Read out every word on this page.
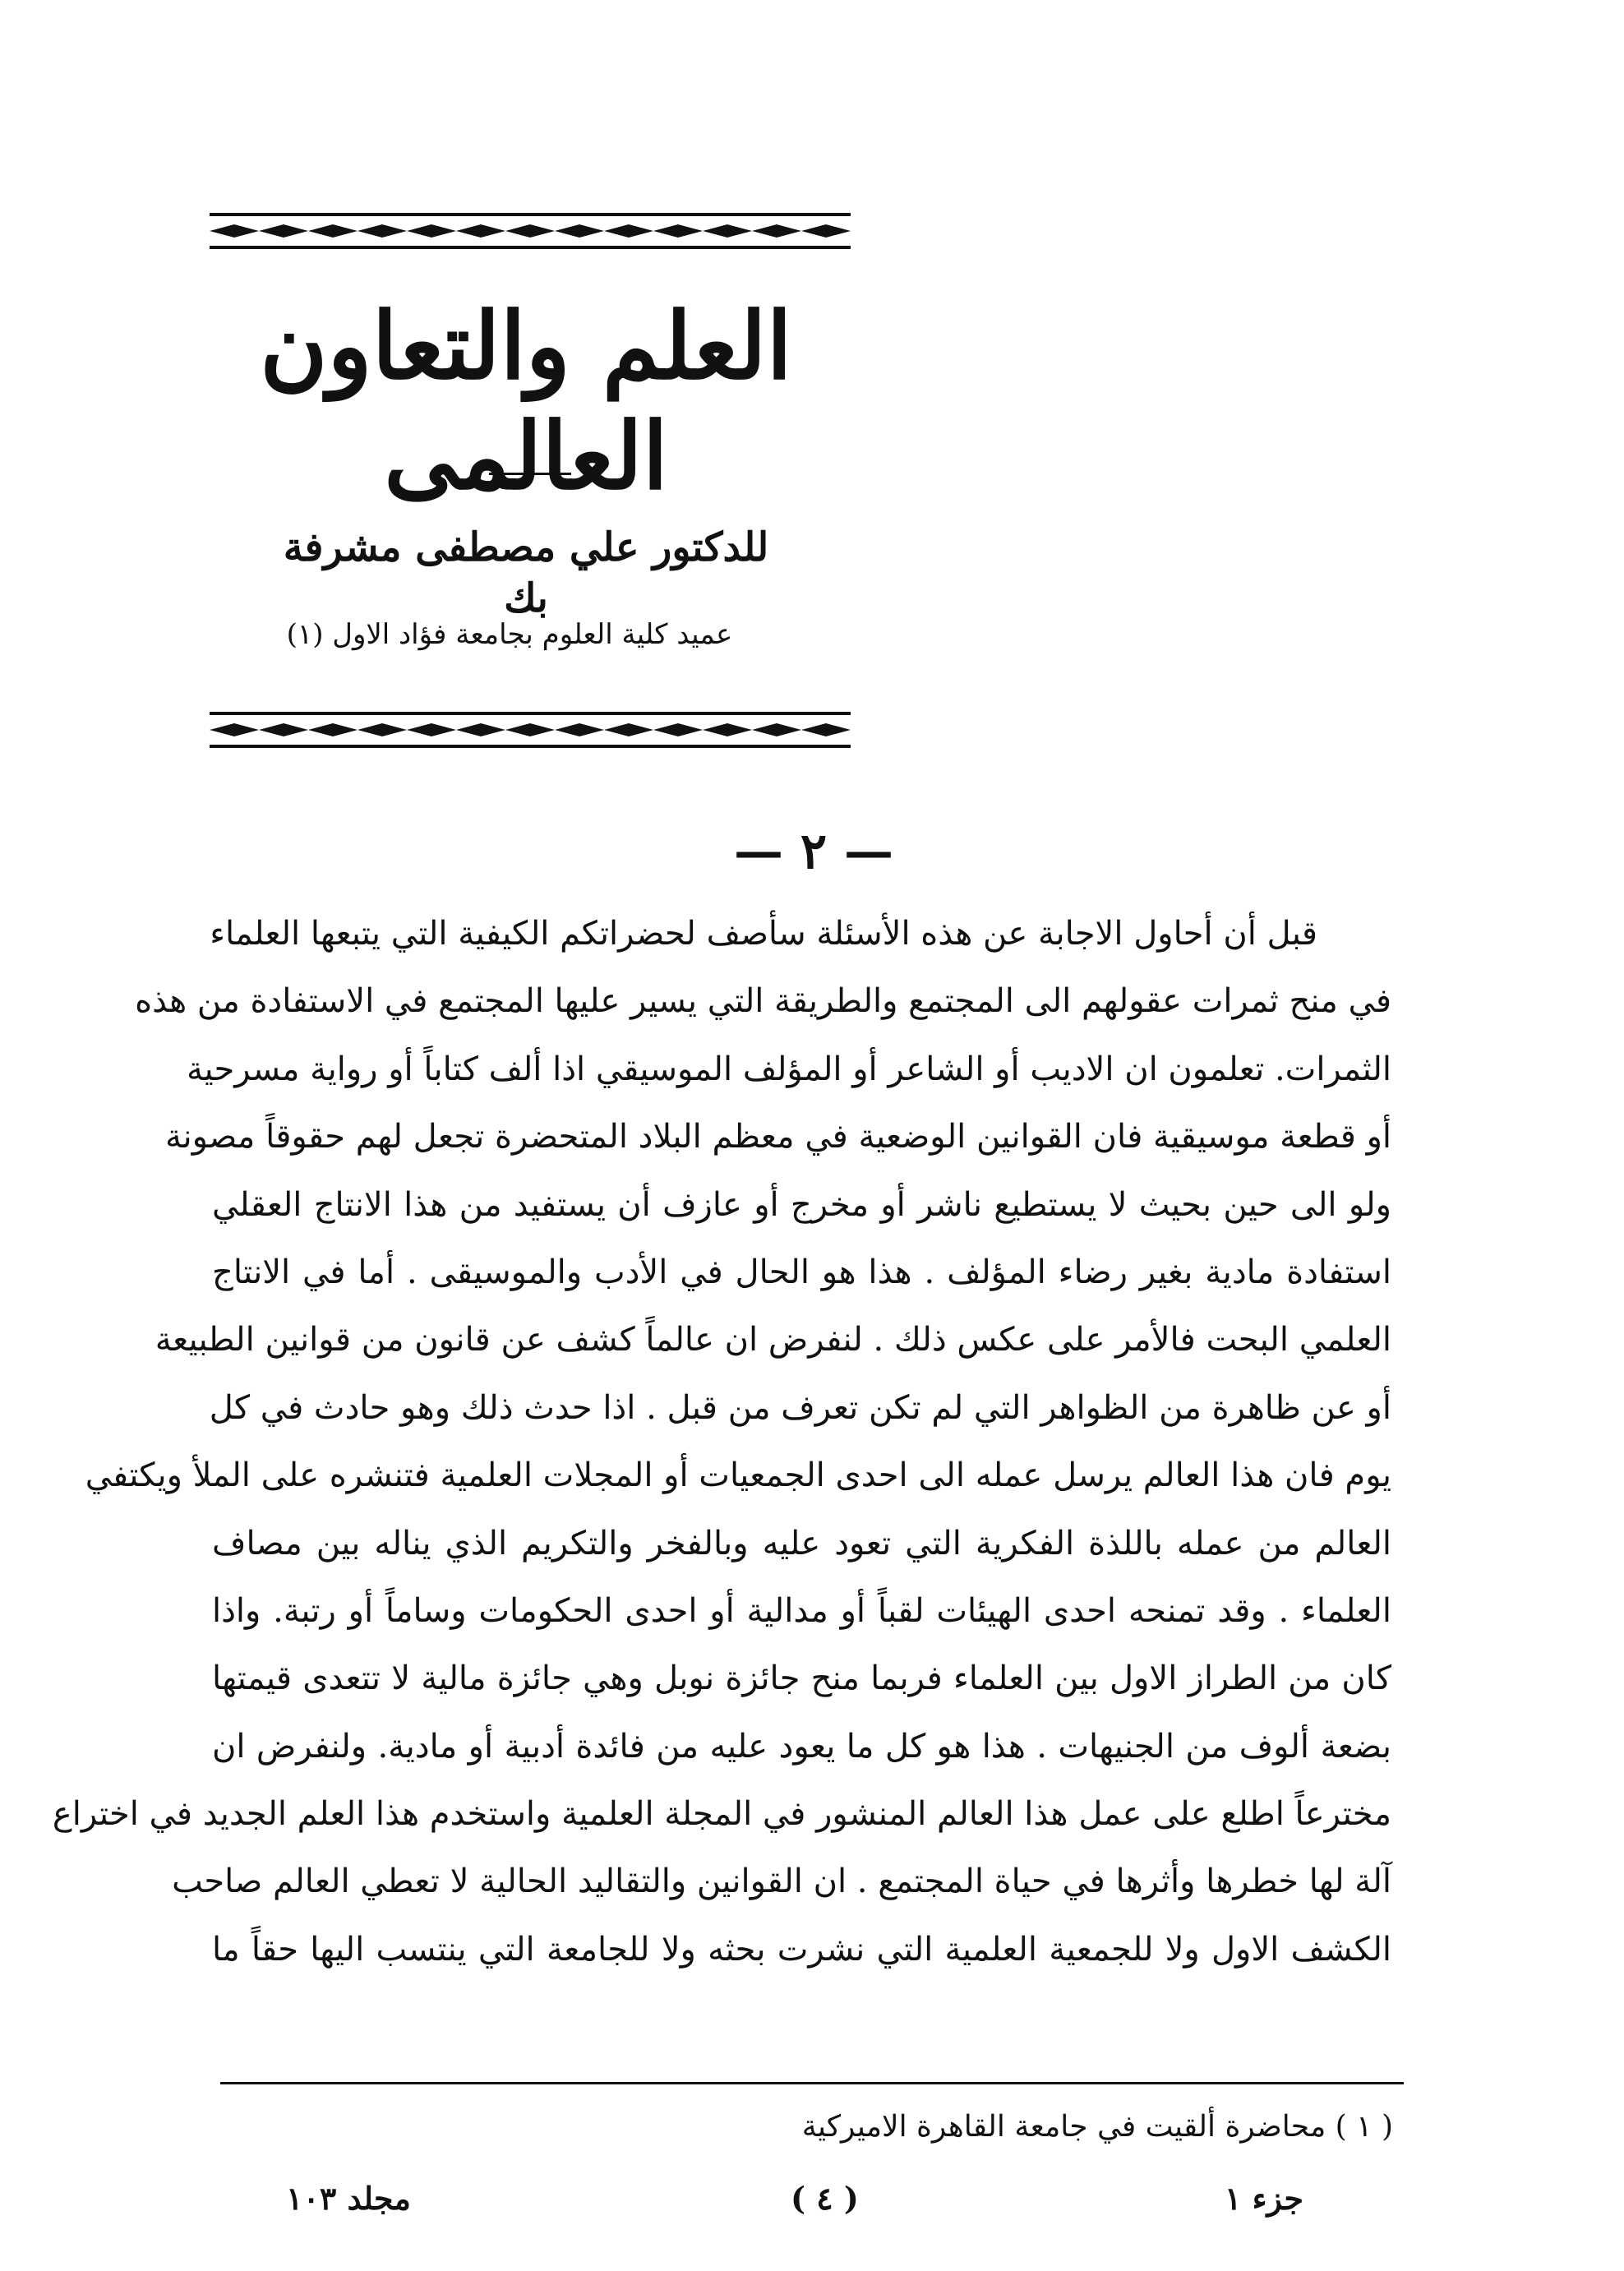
العلم والتعاون العالمى
للدكتور علي مصطفى مشرفة بك
عميد كلية العلوم بجامعة فؤاد الاول (١)
— ٢ —
قبل أن أحاول الاجابة عن هذه الأسئلة سأصف لحضراتكم الكيفية التي يتبعها العلماء
في منح ثمرات عقولهم الى المجتمع والطريقة التي يسير عليها المجتمع في الاستفادة من هذه
الثمرات. تعلمون ان الاديب أو الشاعر أو المؤلف الموسيقي اذا ألف كتاباً أو رواية مسرحية
أو قطعة موسيقية فان القوانين الوضعية في معظم البلاد المتحضرة تجعل لهم حقوقاً مصونة
ولو الى حين بحيث لا يستطيع ناشر أو مخرج أو عازف أن يستفيد من هذا الانتاج العقلي
استفادة مادية بغير رضاء المؤلف . هذا هو الحال في الأدب والموسيقى . أما في الانتاج
العلمي البحت فالأمر على عكس ذلك . لنفرض ان عالماً كشف عن قانون من قوانين الطبيعة
أو عن ظاهرة من الظواهر التي لم تكن تعرف من قبل . اذا حدث ذلك وهو حادث في كل
يوم فان هذا العالم يرسل عمله الى احدى الجمعيات أو المجلات العلمية فتنشره على الملأ ويكتفي
العالم من عمله باللذة الفكرية التي تعود عليه وبالفخر والتكريم الذي يناله بين مصاف
العلماء . وقد تمنحه احدى الهيئات لقباً أو مدالية أو احدى الحكومات وساماً أو رتبة. واذا
كان من الطراز الاول بين العلماء فربما منح جائزة نوبل وهي جائزة مالية لا تتعدى قيمتها
بضعة ألوف من الجنيهات . هذا هو كل ما يعود عليه من فائدة أدبية أو مادية. ولنفرض ان
مخترعاً اطلع على عمل هذا العالم المنشور في المجلة العلمية واستخدم هذا العلم الجديد في اختراع
آلة لها خطرها وأثرها في حياة المجتمع . ان القوانين والتقاليد الحالية لا تعطي العالم صاحب
الكشف الاول ولا للجمعية العلمية التي نشرت بحثه ولا للجامعة التي ينتسب اليها حقاً ما
( ١ ) محاضرة ألقيت في جامعة القاهرة الاميركية
جزء ١
( ٤ )
مجلد ١٠٣
